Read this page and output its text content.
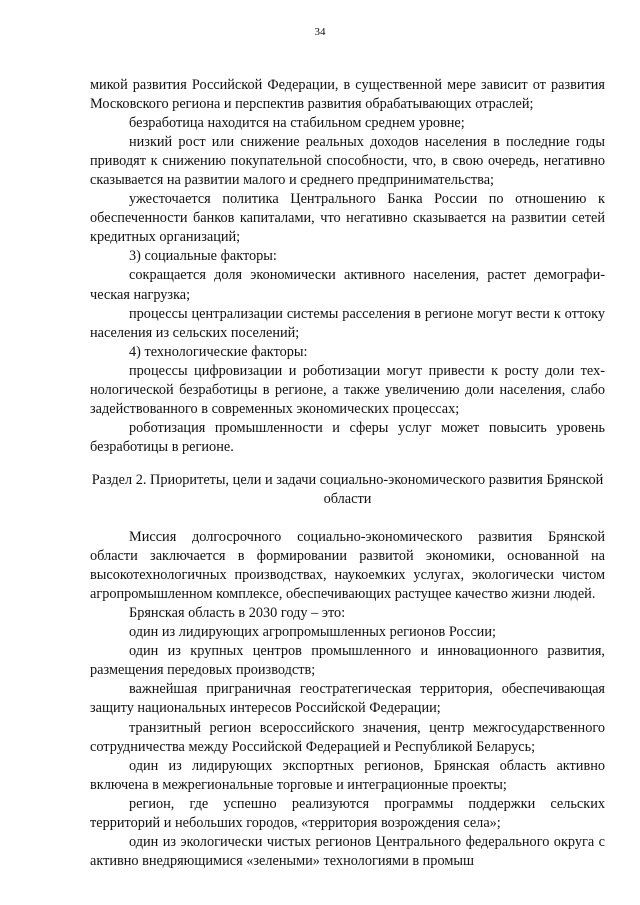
34

микой развития Российской Федерации, в существенной мере зависит от развития Московского региона и перспектив развития обрабатывающих отраслей;

безработица находится на стабильном среднем уровне;

низкий рост или снижение реальных доходов населения в последние годы приводят к снижению покупательной способности, что, в свою очередь, негативно сказывается на развитии малого и среднего предпринимательства;

ужесточается политика Центрального Банка России по отношению к обеспеченности банков капиталами, что негативно сказывается на развитии сетей кредитных организаций;

3) социальные факторы:

сокращается доля экономически активного населения, растет демографическая нагрузка;

процессы централизации системы расселения в регионе могут вести к оттоку населения из сельских поселений;

4) технологические факторы:

процессы цифровизации и роботизации могут привести к росту доли технологической безработицы в регионе, а также увеличению доли населения, слабо задействованного в современных экономических процессах;

роботизация промышленности и сферы услуг может повысить уровень безработицы в регионе.

Раздел 2. Приоритеты, цели и задачи социально-экономического развития Брянской области

Миссия долгосрочного социально-экономического развития Брянской области заключается в формировании развитой экономики, основанной на высокотехнологичных производствах, наукоемких услугах, экологически чистом агропромышленном комплексе, обеспечивающих растущее качество жизни людей.

Брянская область в 2030 году – это:

один из лидирующих агропромышленных регионов России;

один из крупных центров промышленного и инновационного развития, размещения передовых производств;

важнейшая приграничная геостратегическая территория, обеспечивающая защиту национальных интересов Российской Федерации;

транзитный регион всероссийского значения, центр межгосударственного сотрудничества между Российской Федерацией и Республикой Беларусь;

один из лидирующих экспортных регионов, Брянская область активно включена в межрегиональные торговые и интеграционные проекты;

регион, где успешно реализуются программы поддержки сельских территорий и небольших городов, «территория возрождения села»;

один из экологически чистых регионов Центрального федерального округа с активно внедряющимися «зелеными» технологиями в промыш
